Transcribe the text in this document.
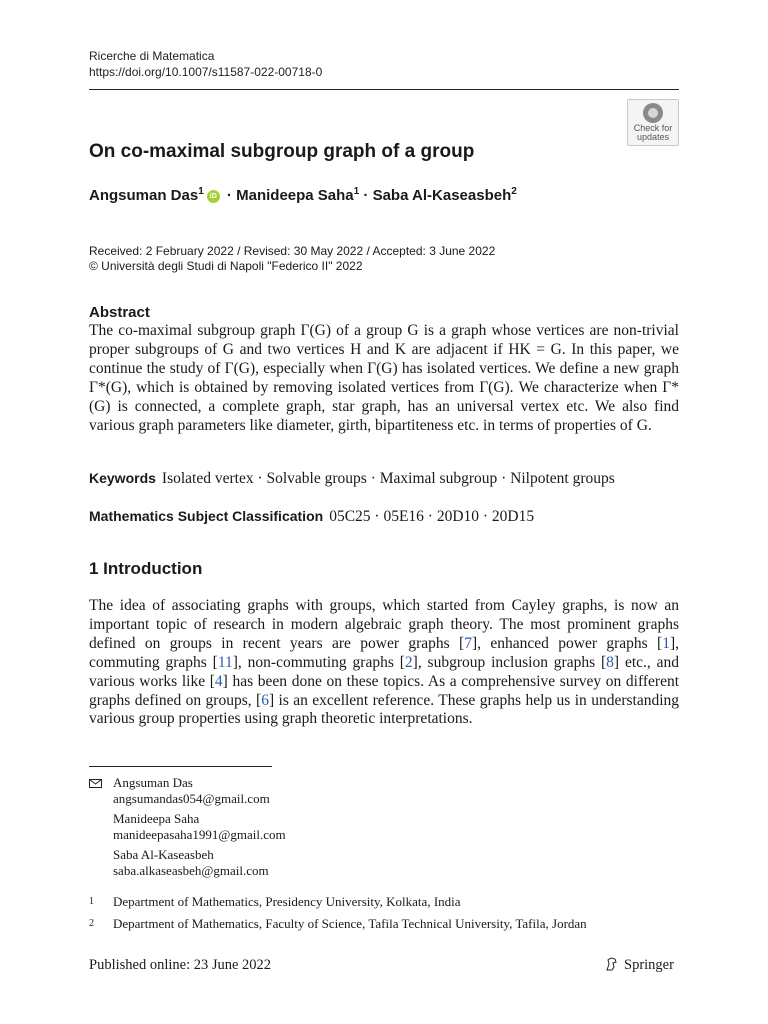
Ricerche di Matematica
https://doi.org/10.1007/s11587-022-00718-0
Check for
updates
On co-maximal subgroup graph of a group
Angsuman Das$^1$ iD · Manideepa Saha$^1$ · Saba Al-Kaseasbeh$^2$
Received: 2 February 2022 / Revised: 30 May 2022 / Accepted: 3 June 2022
© Università degli Studi di Napoli "Federico II" 2022
Abstract

The co-maximal subgroup graph Γ(G) of a group G is a graph whose vertices are non-trivial proper subgroups of G and two vertices H and K are adjacent if HK = G. In this paper, we continue the study of Γ(G), especially when Γ(G) has isolated vertices. We define a new graph Γ*(G), which is obtained by removing isolated vertices from Γ(G). We characterize when Γ*(G) is connected, a complete graph, star graph, has an universal vertex etc. We also find various graph parameters like diameter, girth, bipartiteness etc. in terms of properties of G.

Keywords Isolated vertex · Solvable groups · Maximal subgroup · Nilpotent groups
Mathematics Subject Classification 05C25 · 05E16 · 20D10 · 20D15
1 Introduction

The idea of associating graphs with groups, which started from Cayley graphs, is now an important topic of research in modern algebraic graph theory. The most prominent graphs defined on groups in recent years are power graphs [7], enhanced power graphs [1], commuting graphs [11], non-commuting graphs [2], subgroup inclusion graphs [8] etc., and various works like [4] has been done on these topics. As a comprehensive survey on different graphs defined on groups, [6] is an excellent reference. These graphs help us in understanding various group properties using graph theoretic interpretations.

Angsuman Das
angsumandas054@gmail.com
Manideepa Saha
manideepasaha1991@gmail.com
Saba Al-Kaseasbeh
saba.alkaseasbeh@gmail.com
1 Department of Mathematics, Presidency University, Kolkata, India
2 Department of Mathematics, Faculty of Science, Tafila Technical University, Tafila, Jordan
Published online: 23 June 2022	Springer
